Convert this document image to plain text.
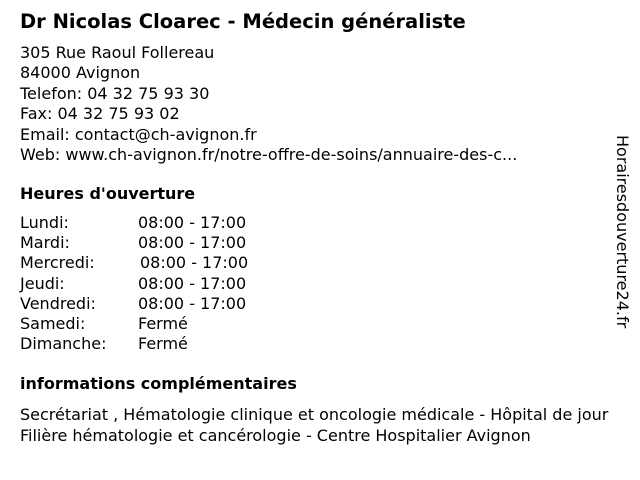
Dr Nicolas Cloarec - Médecin généraliste
305 Rue Raoul Follereau
84000 Avignon
Telefon: 04 32 75 93 30
Fax: 04 32 75 93 02
Email: contact@ch-avignon.fr
Web: www.ch-avignon.fr/notre-offre-de-soins/annuaire-des-c...
Heures d'ouverture
Lundi:	08:00 - 17:00
Mardi:	08:00 - 17:00
Mercredi:	08:00 - 17:00
Jeudi:	08:00 - 17:00
Vendredi:	08:00 - 17:00
Samedi:	Fermé
Dimanche: Fermé
informations complémentaires
Secrétariat , Hématologie clinique et oncologie médicale - Hôpital de jour Filière hématologie et cancérologie - Centre Hospitalier Avignon
Horairesdouverture24.fr
